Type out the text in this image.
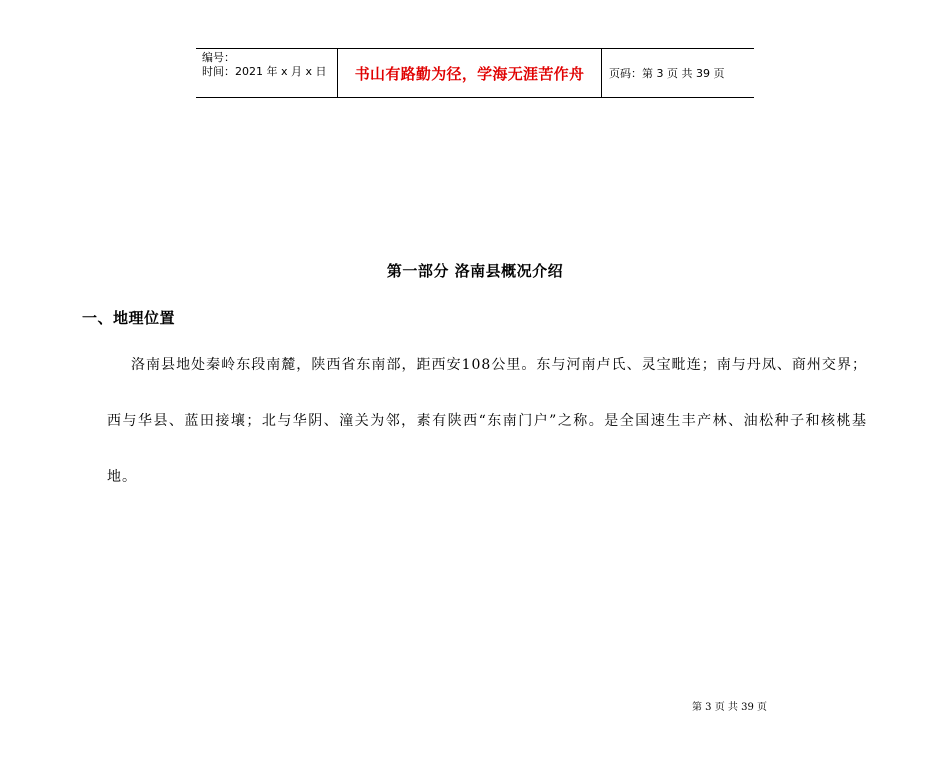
编号：
时间：2021 年 x 月 x 日	书山有路勤为径，学海无涯苦作舟	页码：第 3 页 共 39 页
第一部分 洛南县概况介绍
一、地理位置

洛南县地处秦岭东段南麓，陕西省东南部，距西安108公里。东与河南卢氏、灵宝毗连；南与丹凤、商州交界；西与华县、蓝田接壤；北与华阴、潼关为邻，素有陕西“东南门户”之称。是全国速生丰产林、油松种子和核桃基地。

第 3 页 共 39 页
